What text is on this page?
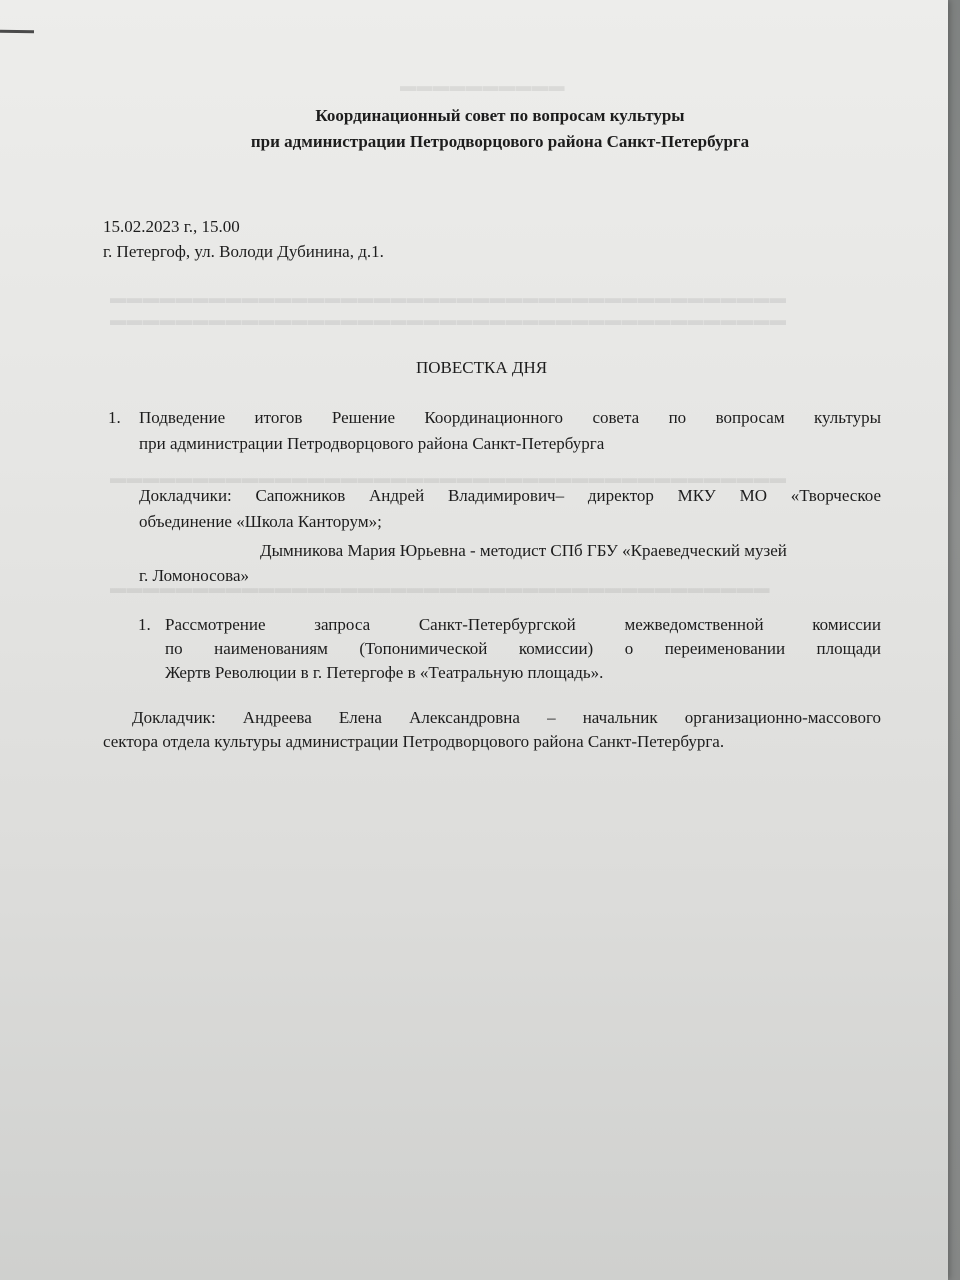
▬▬▬▬▬▬▬▬▬▬
▬▬▬▬▬▬▬▬▬▬▬▬▬▬▬▬▬▬▬▬▬▬▬▬▬▬▬▬▬▬▬▬▬▬▬▬▬▬▬▬▬
▬▬▬▬▬▬▬▬▬▬▬▬▬▬▬▬▬▬▬▬▬▬▬▬▬▬▬▬▬▬▬▬▬▬▬▬▬▬▬▬▬
▬▬▬▬▬▬▬▬▬▬▬▬▬▬▬▬▬▬▬▬▬▬▬▬▬▬▬▬▬▬▬▬▬▬▬▬▬▬▬▬▬
▬▬▬▬▬▬▬▬▬▬▬▬▬▬▬▬▬▬▬▬▬▬▬▬▬▬▬▬▬▬▬▬▬▬▬▬▬▬▬▬
Координационный совет по вопросам культуры
при администрации Петродворцового района Санкт-Петербурга
15.02.2023 г., 15.00
г. Петергоф, ул. Володи Дубинина, д.1.
ПОВЕСТКА ДНЯ
1. Подведение итогов Решение Координационного совета по вопросам культуры
при администрации Петродворцового района Санкт-Петербурга
Докладчики: Сапожников Андрей Владимирович– директор МКУ МО «Творческое
объединение «Школа Канторум»;
Дымникова Мария Юрьевна - методист СПб ГБУ «Краеведческий музей
г. Ломоносова»
1. Рассмотрение запроса Санкт-Петербургской межведомственной комиссии
по наименованиям (Топонимической комиссии) о переименовании площади
Жертв Революции в г. Петергофе в «Театральную площадь».
Докладчик: Андреева Елена Александровна – начальник организационно-массового
сектора отдела культуры администрации Петродворцового района Санкт-Петербурга.
